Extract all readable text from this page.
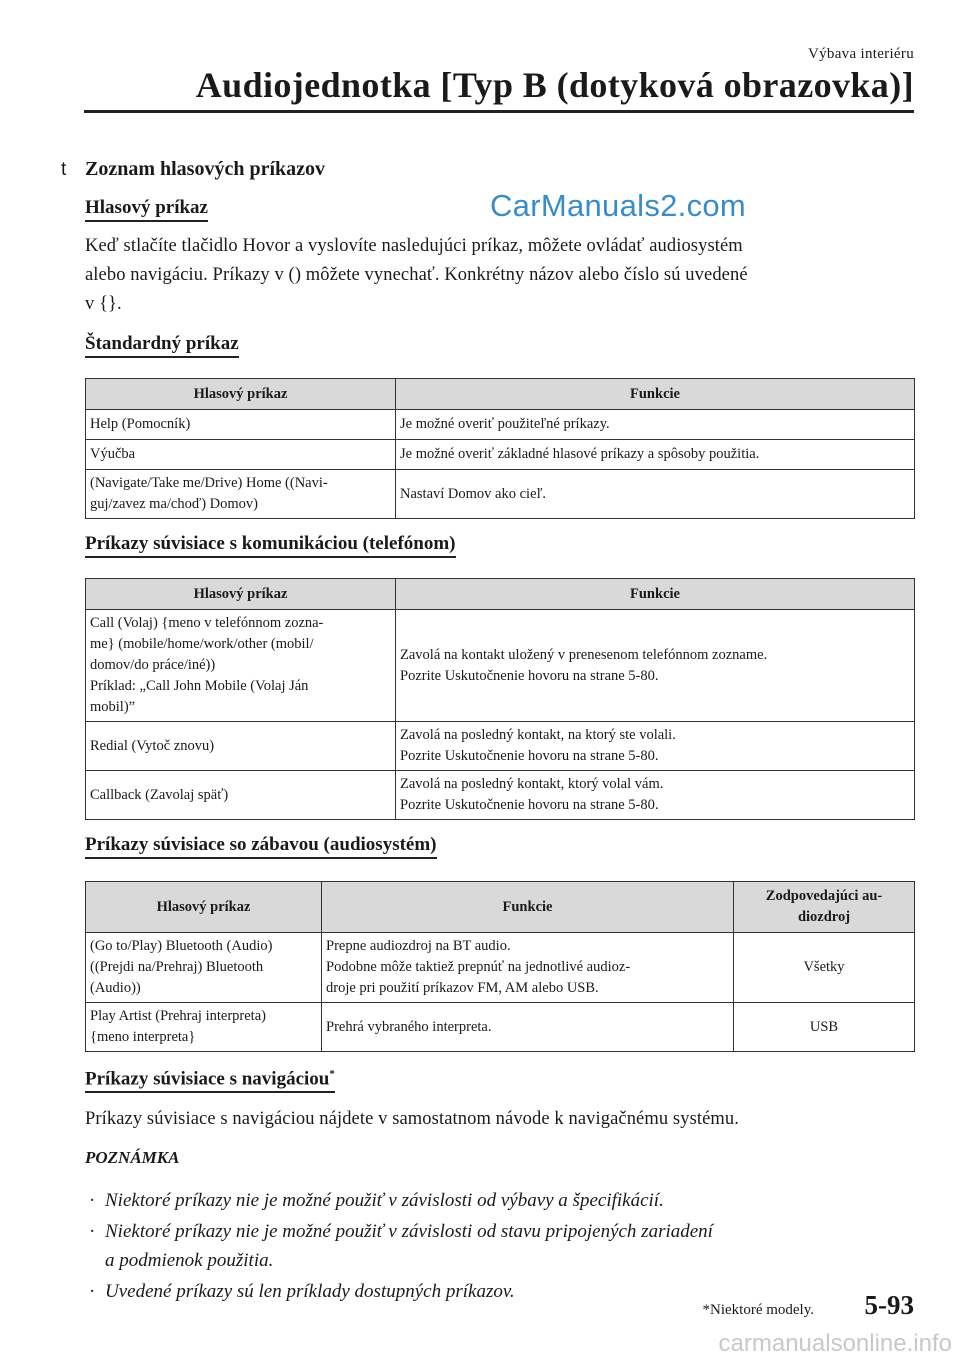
Výbava interiéru
Audiojednotka [Typ B (dotyková obrazovka)]
CarManuals2.com
t Zoznam hlasových príkazov
Hlasový príkaz
Keď stlačíte tlačidlo Hovor a vyslovíte nasledujúci príkaz, môžete ovládať audiosystém
alebo navigáciu. Príkazy v () môžete vynechať. Konkrétny názov alebo číslo sú uvedené
v {}.
Štandardný príkaz
Hlasový príkaz	Funkcie

Help (Pomocník)	Je možné overiť použiteľné príkazy.

Výučba	Je možné overiť základné hlasové príkazy a spôsoby použitia.

(Navigate/Take me/Drive) Home ((Navi-
guj/zavez ma/choď) Domov)	Nastaví Domov ako cieľ.
Príkazy súvisiace s komunikáciou (telefónom)
Hlasový príkaz	Funkcie

Call (Volaj) {meno v telefónnom zozna-
me} (mobile/home/work/other (mobil/
domov/do práce/iné))
Príklad: „Call John Mobile (Volaj Ján
mobil)”	Zavolá na kontakt uložený v prenesenom telefónnom zozname.
Pozrite Uskutočnenie hovoru na strane 5-80.

Redial (Vytoč znovu)	Zavolá na posledný kontakt, na ktorý ste volali.
Pozrite Uskutočnenie hovoru na strane 5-80.

Callback (Zavolaj späť)	Zavolá na posledný kontakt, ktorý volal vám.
Pozrite Uskutočnenie hovoru na strane 5-80.
Príkazy súvisiace so zábavou (audiosystém)
Hlasový príkaz	Funkcie	Zodpovedajúci au-
diozdroj

(Go to/Play) Bluetooth (Audio)
((Prejdi na/Prehraj) Bluetooth
(Audio))	Prepne audiozdroj na BT audio.
Podobne môže taktiež prepnúť na jednotlivé audioz-
droje pri použití príkazov FM, AM alebo USB.	Všetky

Play Artist (Prehraj interpreta)
{meno interpreta}	Prehrá vybraného interpreta.	USB
Príkazy súvisiace s navigáciou*
Príkazy súvisiace s navigáciou nájdete v samostatnom návode k navigačnému systému.
POZNÁMKA
· Niektoré príkazy nie je možné použiť v závislosti od výbavy a špecifikácií.
· Niektoré príkazy nie je možné použiť v závislosti od stavu pripojených zariadení
a podmienok použitia.
· Uvedené príkazy sú len príklady dostupných príkazov.
*Niektoré modely. 5-93
carmanualsonline.info
